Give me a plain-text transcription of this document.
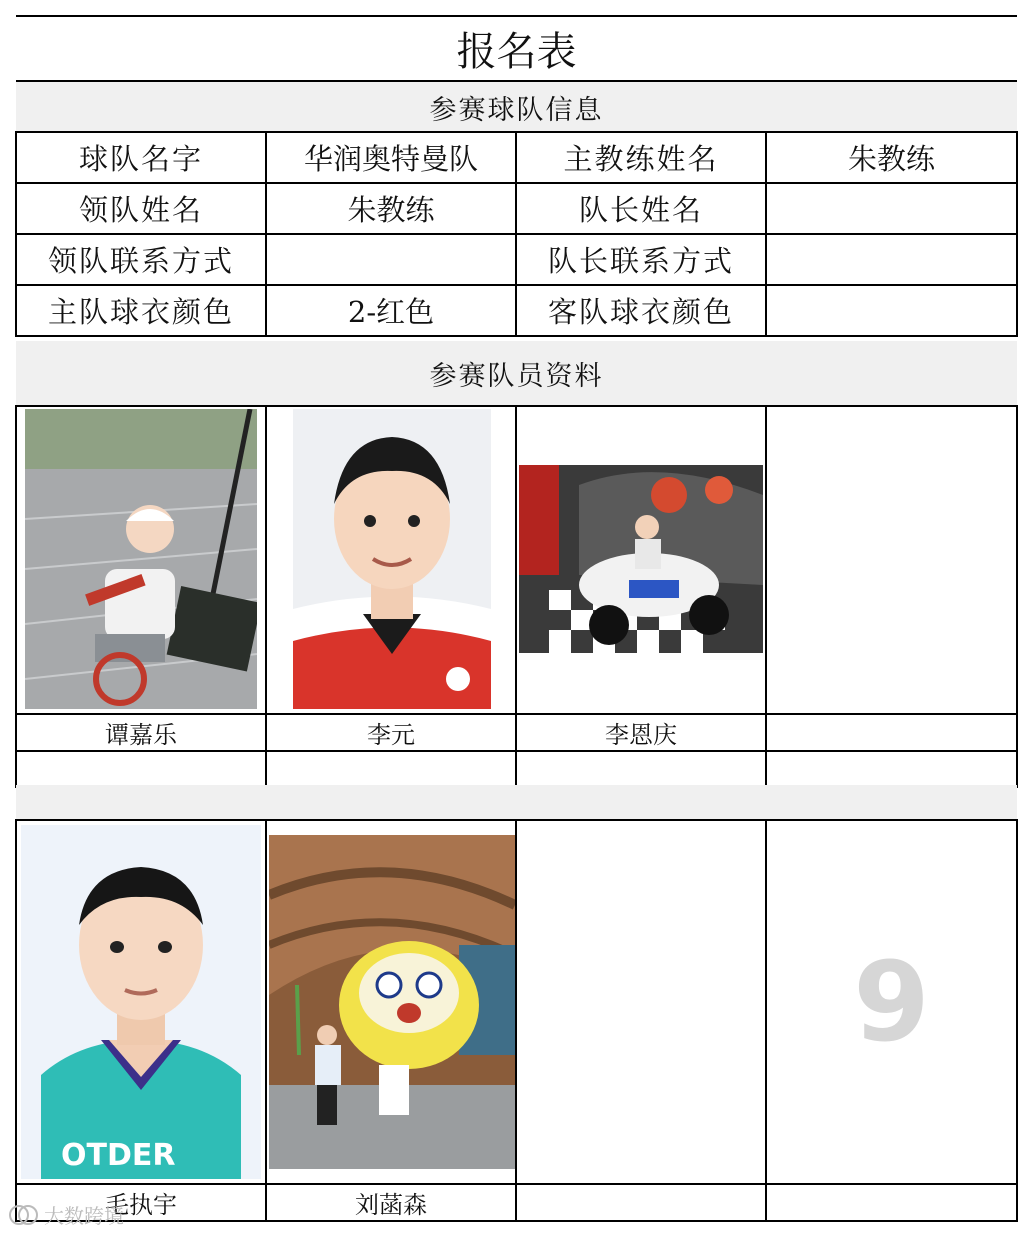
报名表
参赛球队信息
球队名字	华润奥特曼队	主教练姓名	朱教练
领队姓名	朱教练	队长姓名	
领队联系方式		队长联系方式	
主队球衣颜色	2-红色	客队球衣颜色	
参赛队员资料

谭嘉乐	李元	李恩庆	

OTDER			9
毛执宇	刘菡森		
大数跨境
